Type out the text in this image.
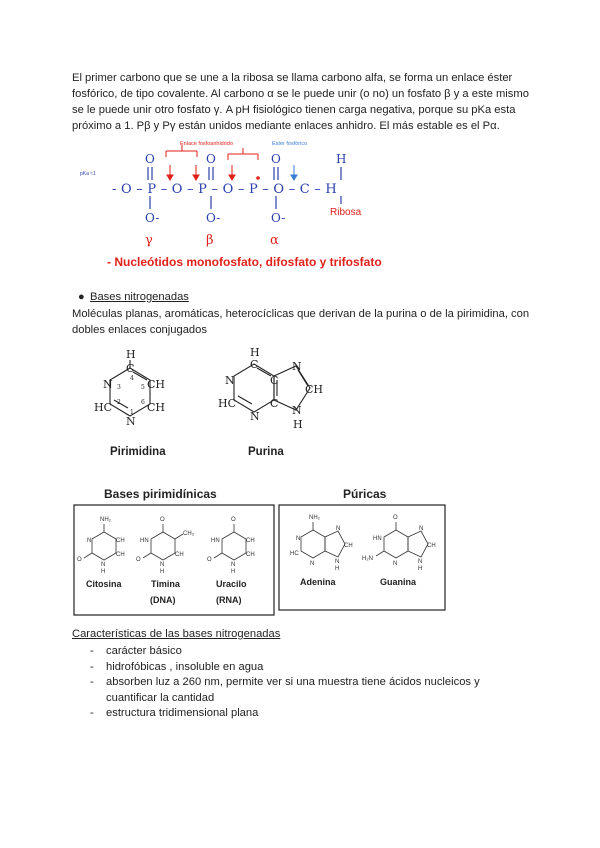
El primer carbono que se une a la ribosa se llama carbono alfa, se forma un enlace éster fosfórico, de tipo covalente. Al carbono α se le puede unir (o no) un fosfato β y a este mismo se le puede unir otro fosfato γ. A pH fisiológico tienen carga negativa, porque su pKa esta próximo a 1. Pβ y Pγ están unidos mediante enlaces anhidro. El más estable es el Pα.
Enlace fosfoanhidrido	Ester fosfórico
pKa ≈1
-O–P–O–P–O–P–O–C–H
O	O	O	H
O-	O-	O-	Ribosa
γ	β	α
- Nucleótidos monofosfato, difosfato y trifosfato
● Bases nitrogenadas
Moléculas planas, aromáticas, heterocíclicas que derivan de la purina o de la pirimidina, con dobles enlaces conjugados
H
C
N	CH
HC	CH
N
4
3	5
2	6
1
Pirimidina
H
C
N	C
N
CH
HC	C
N	N
H
Purina
Bases pirimidínicas	Púricas
NH₂
N	CH
CH
O
N
H
Citosina
O
HN
CH₃
CH
O
N
H
Timina
(DNA)
O
HN	CH
CH
O
N
H
Uracilo
(RNA)
NH₂
N
N
CH
HC
N	N
H
Adenina
O
HN
N
CH
H₂N
N	N
H
Guanina
Características de las bases nitrogenadas
- carácter básico
- hidrofóbicas , insoluble en agua
- absorben luz a 260 nm, permite ver si una muestra tiene ácidos nucleicos y cuantificar la cantidad
- estructura tridimensional plana
